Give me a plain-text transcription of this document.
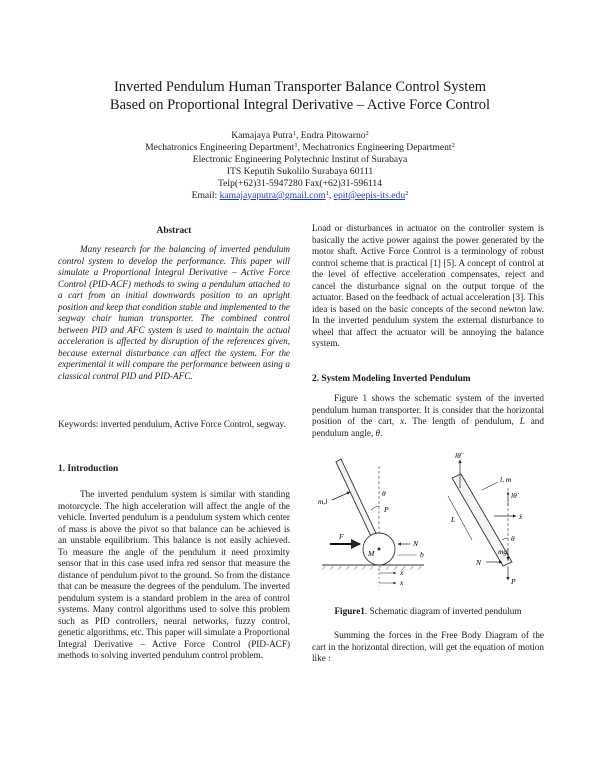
Inverted Pendulum Human Transporter Balance Control System
Based on Proportional Integral Derivative – Active Force Control
Kamajaya Putra$^1$, Endra Pitowarno$^2$
Mechatronics Engineering Department$^1$, Mechatronics Engineering Department$^2$
Electronic Engineering Polytechnic Institut of Surabaya
ITS Keputih Sukolilo Surabaya 60111
Telp(+62)31-5947280 Fax(+62)31-596114
Email: kamajayaputra@gmail.com$^1$, epit@eepis-its.edu$^2$
Abstract
Many research for the balancing of inverted pendulum control system to develop the performance. This paper will simulate a Proportional Integral Derivative – Active Force Control (PID-ACF) methods to swing a pendulum attached to a cart from an initial downwards position to an upright position and keep that condition stable and implemented to the segway chair human transporter. The combined control between PID and AFC system is used to maintain the actual acceleration is affected by disruption of the references given, because external disturbance can affect the system. For the experimental it will compare the performance between using a classical control PID and PID-AFC.
Keywords: inverted pendulum, Active Force Control, segway.
1. Introduction
The inverted pendulum system is similar with standing motorcycle. The high acceleration will affect the angle of the vehicle. Inverted pendulum is a pendulum system which center of mass is above the pivot so that balance can be achieved is an unstable equilibrium. This balance is not easily achieved. To measure the angle of the pendulum it need proximity sensor that in this case used infra red sensor that measure the distance of pendulum pivot to the ground. So from the distance that can be measure the degrees of the pendulum. The inverted pendulum system is a standard problem in the area of control systems. Many control algorithms used to solve this problem such as PID controllers, neural networks, fuzzy control, genetic algorithms, etc. This paper will simulate a Proportional Integral Derivative – Active Force Control (PID-ACF) methods to solving inverted pendulum control problem.
Load or disturbances in actuator on the controller system is basically the active power against the power generated by the motor shaft. Active Force Control is a terminology of robust control scheme that is practical [1] [5]. A concept of control at the level of effective acceleration compensates, reject and cancel the disturbance signal on the output torque of the actuator. Based on the feedback of actual acceleration [3]. This idea is based on the basic concepts of the second newton law. In the inverted pendulum system the external disturbance to wheel that affect the actuator will be annoying the balance system.
2. System Modeling Inverted Pendulum
Figure 1 shows the schematic system of the inverted pendulum human transporter. It is consider that the horizontal position of the cart, x. The length of pendulum, L and pendulum angle, θ.
θ
m,l
P
M
F
N
b
x
x
θ
lθ̈
l, m
L	ẍ
lθ̇
mg
N
P
Figure1. Schematic diagram of inverted pendulum
Summing the forces in the Free Body Diagram of the cart in the horizontal direction, will get the equation of motion like :
